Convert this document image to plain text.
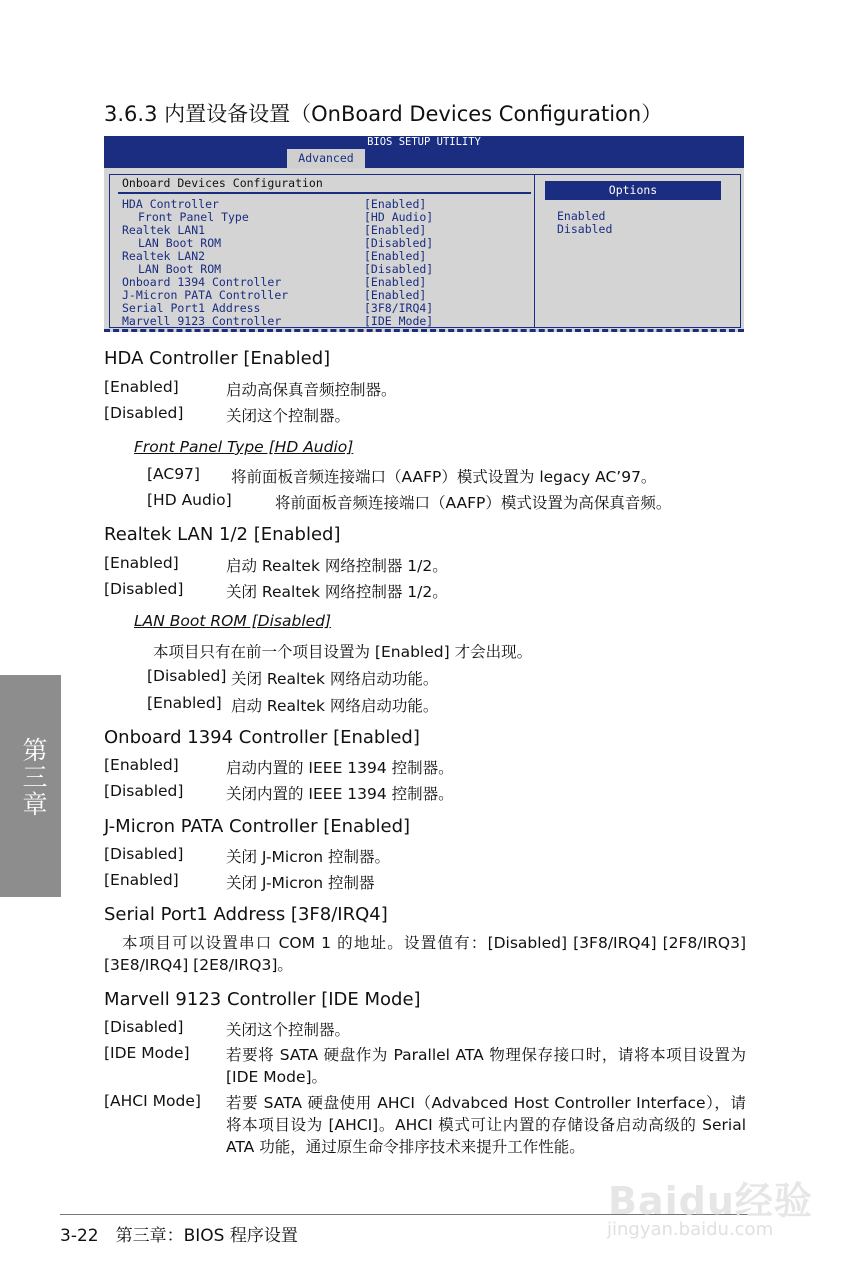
3.6.3 内置设备设置（OnBoard Devices Configuration）
BIOS SETUP UTILITY
Advanced
Onboard Devices Configuration
HDA Controller	[Enabled]
Front Panel Type	[HD Audio]
Realtek LAN1	[Enabled]
LAN Boot ROM	[Disabled]
Realtek LAN2	[Enabled]
LAN Boot ROM	[Disabled]
Onboard 1394 Controller	[Enabled]
J-Micron PATA Controller	[Enabled]
Serial Port1 Address	[3F8/IRQ4]
Marvell 9123 Controller	[IDE Mode]
Options
Enabled
Disabled
HDA Controller [Enabled]
[Enabled]	启动高保真音频控制器。
[Disabled]	关闭这个控制器。
Front Panel Type [HD Audio]
[AC97] 将前面板音频连接端口（AAFP）模式设置为 legacy AC’97。
[HD Audio]	将前面板音频连接端口（AAFP）模式设置为高保真音频。
Realtek LAN 1/2 [Enabled]
[Enabled]	启动 Realtek 网络控制器 1/2。
[Disabled]	关闭 Realtek 网络控制器 1/2。
LAN Boot ROM [Disabled]
本项目只有在前一个项目设置为 [Enabled] 才会出现。
[Disabled] 关闭 Realtek 网络启动功能。
[Enabled] 启动 Realtek 网络启动功能。
Onboard 1394 Controller [Enabled]
[Enabled]	启动内置的 IEEE 1394 控制器。
[Disabled]	关闭内置的 IEEE 1394 控制器。
J-Micron PATA Controller [Enabled]
[Disabled]	关闭 J-Micron 控制器。
[Enabled]	关闭 J-Micron 控制器
Serial Port1 Address [3F8/IRQ4]
本项目可以设置串口 COM 1 的地址。设置值有：[Disabled] [3F8/IRQ4] [2F8/IRQ3] [3E8/IRQ4] [2E8/IRQ3]。
Marvell 9123 Controller [IDE Mode]
[Disabled]	关闭这个控制器。
[IDE Mode] 若要将 SATA 硬盘作为 Parallel ATA 物理保存接口时，请将本项目设置为 [IDE Mode]。
[AHCI Mode] 若要 SATA 硬盘使用 AHCI（Advabced Host Controller Interface），请将本项目设为 [AHCI]。AHCI 模式可让内置的存储设备启动高级的 Serial ATA 功能，通过原生命令排序技术来提升工作性能。
第三章
3-22　第三章：BIOS 程序设置
Baidu经验
jingyan.baidu.com
